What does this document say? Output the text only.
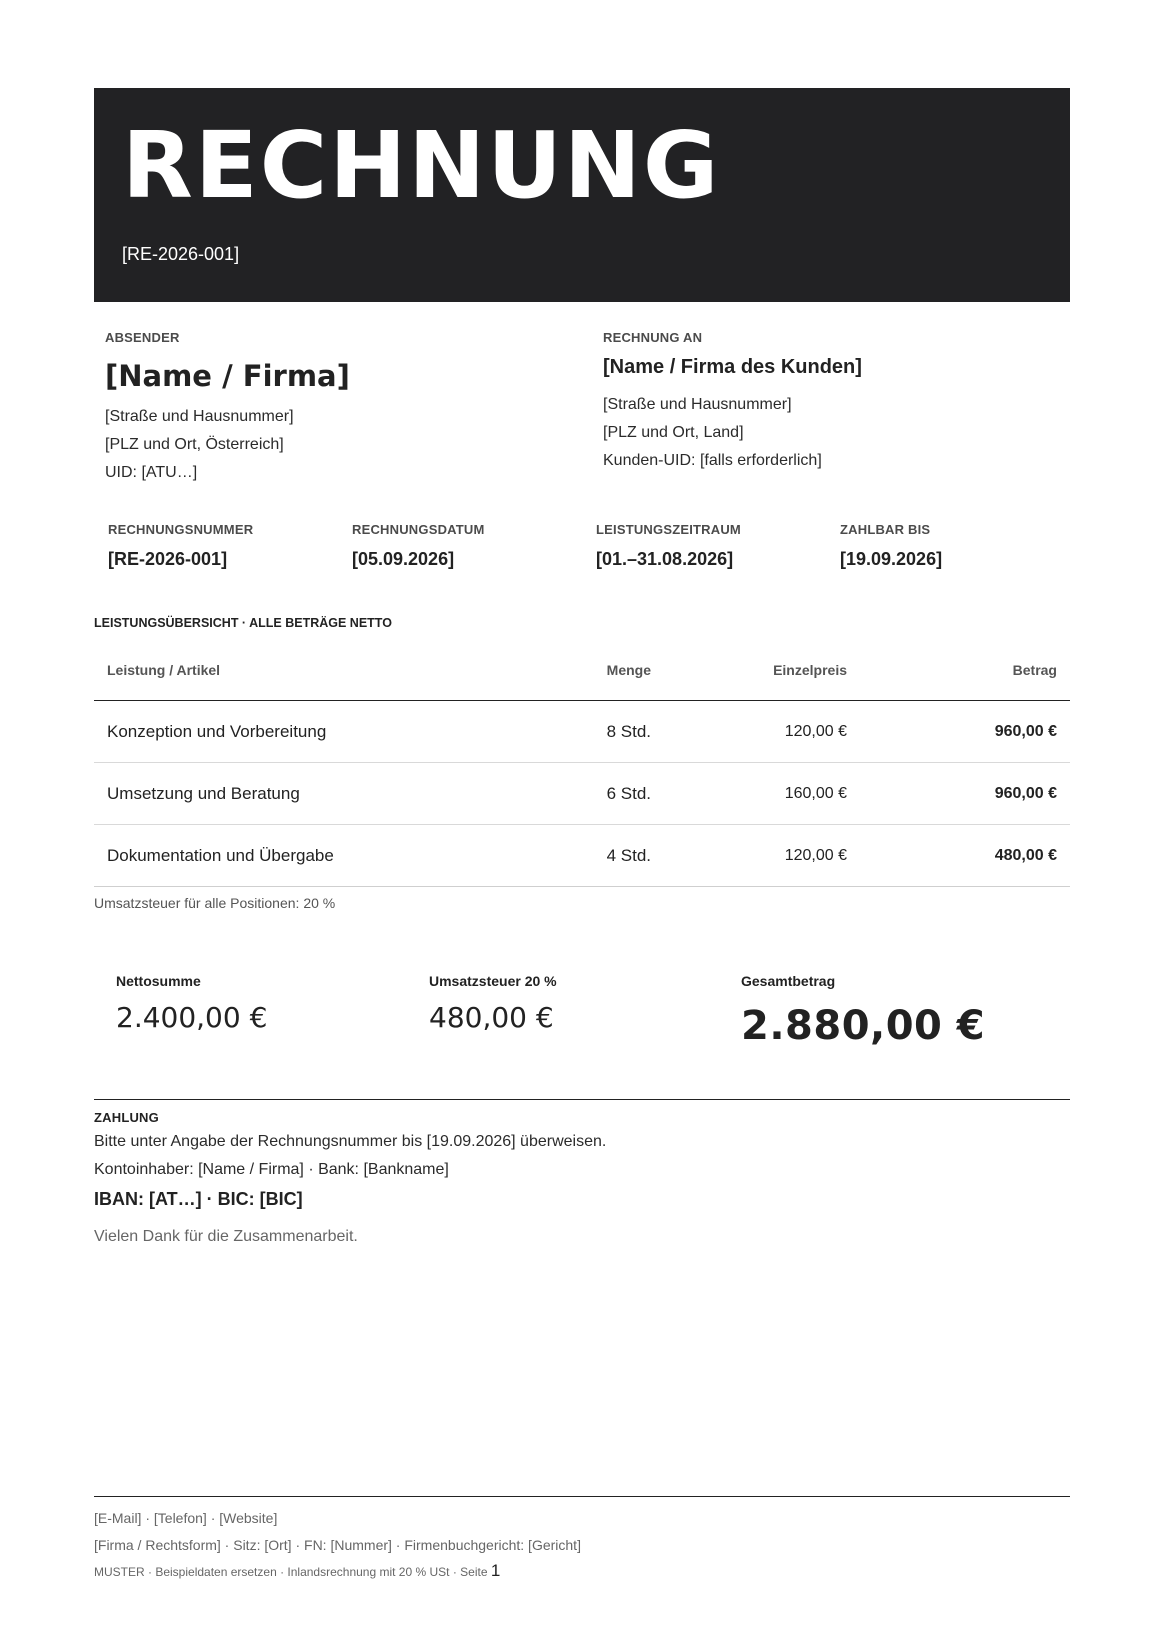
RECHNUNG
[RE-2026-001]
ABSENDER
[Name / Firma]
[Straße und Hausnummer]
[PLZ und Ort, Österreich]
UID: [ATU…]
RECHNUNG AN
[Name / Firma des Kunden]
[Straße und Hausnummer]
[PLZ und Ort, Land]
Kunden-UID: [falls erforderlich]
RECHNUNGSNUMMER
[RE-2026-001]
RECHNUNGSDATUM
[05.09.2026]
LEISTUNGSZEITRAUM
[01.–31.08.2026]
ZAHLBAR BIS
[19.09.2026]
LEISTUNGSÜBERSICHT · ALLE BETRÄGE NETTO
Leistung / Artikel	Menge	Einzelpreis	Betrag
Konzeption und Vorbereitung	8 Std.	120,00 €	960,00 €
Umsetzung und Beratung	6 Std.	160,00 €	960,00 €
Dokumentation und Übergabe	4 Std.	120,00 €	480,00 €
Umsatzsteuer für alle Positionen: 20 %
Nettosumme
2.400,00 €
Umsatzsteuer 20 %
480,00 €
Gesamtbetrag
2.880,00 €
ZAHLUNG
Bitte unter Angabe der Rechnungsnummer bis [19.09.2026] überweisen.
Kontoinhaber: [Name / Firma] · Bank: [Bankname]
IBAN: [AT…] · BIC: [BIC]
Vielen Dank für die Zusammenarbeit.
[E-Mail] · [Telefon] · [Website]
[Firma / Rechtsform] · Sitz: [Ort] · FN: [Nummer] · Firmenbuchgericht: [Gericht]
MUSTER · Beispieldaten ersetzen · Inlandsrechnung mit 20 % USt · Seite 1
